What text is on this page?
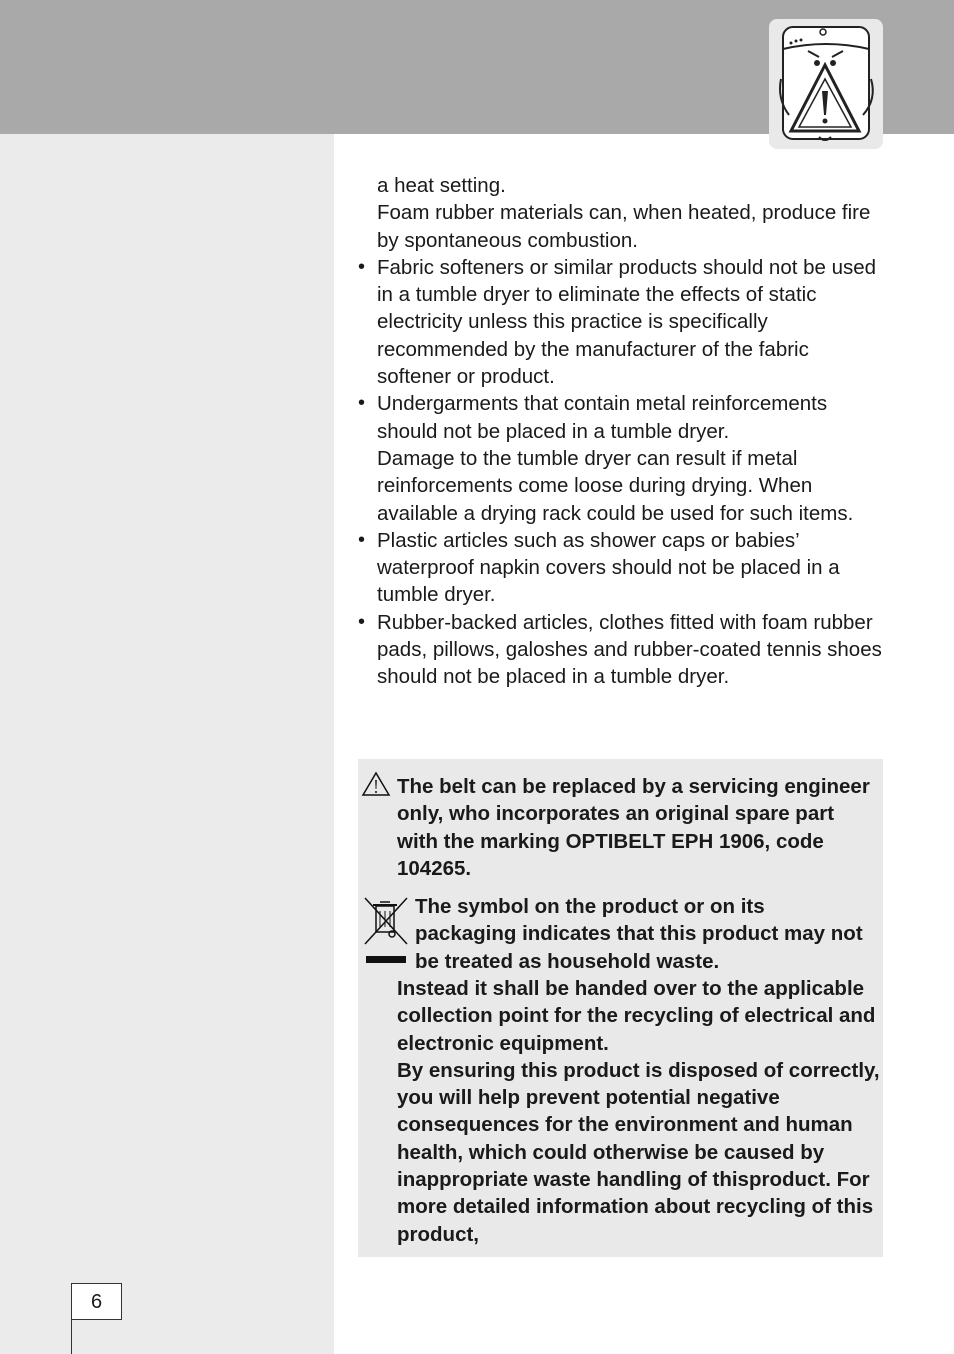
a heat setting.

Foam rubber materials can, when heated, produce fire by spontaneous combustion.

• Fabric softeners or similar products should not be used in a tumble dryer to eliminate the effects of static electricity unless this practice is specifically recommended by the manufacturer of the fabric softener or product.
• Undergarments that contain metal reinforcements should not be placed in a tumble dryer.
Damage to the tumble dryer can result if metal reinforcements come loose during drying. When available a drying rack could be used for such items.
• Plastic articles such as shower caps or babies’ waterproof napkin covers should not be placed in a tumble dryer.
• Rubber-backed articles, clothes fitted with foam rubber pads, pillows, galoshes and rubber-coated tennis shoes should not be placed in a tumble dryer.

The belt can be replaced by a servicing engineer only, who incorporates an original spare part with the marking OPTIBELT EPH 1906, code 104265.

The symbol on the product or on its packaging indicates that this product may not be treated as household waste.

Instead it shall be handed over to the applicable collection point for the recycling of electrical and electronic equipment.
By ensuring this product is disposed of correctly, you will help prevent potential negative consequences for the environment and human health, which could otherwise be caused by inappropriate waste handling of thisproduct. For more detailed information about recycling of this product,
6
